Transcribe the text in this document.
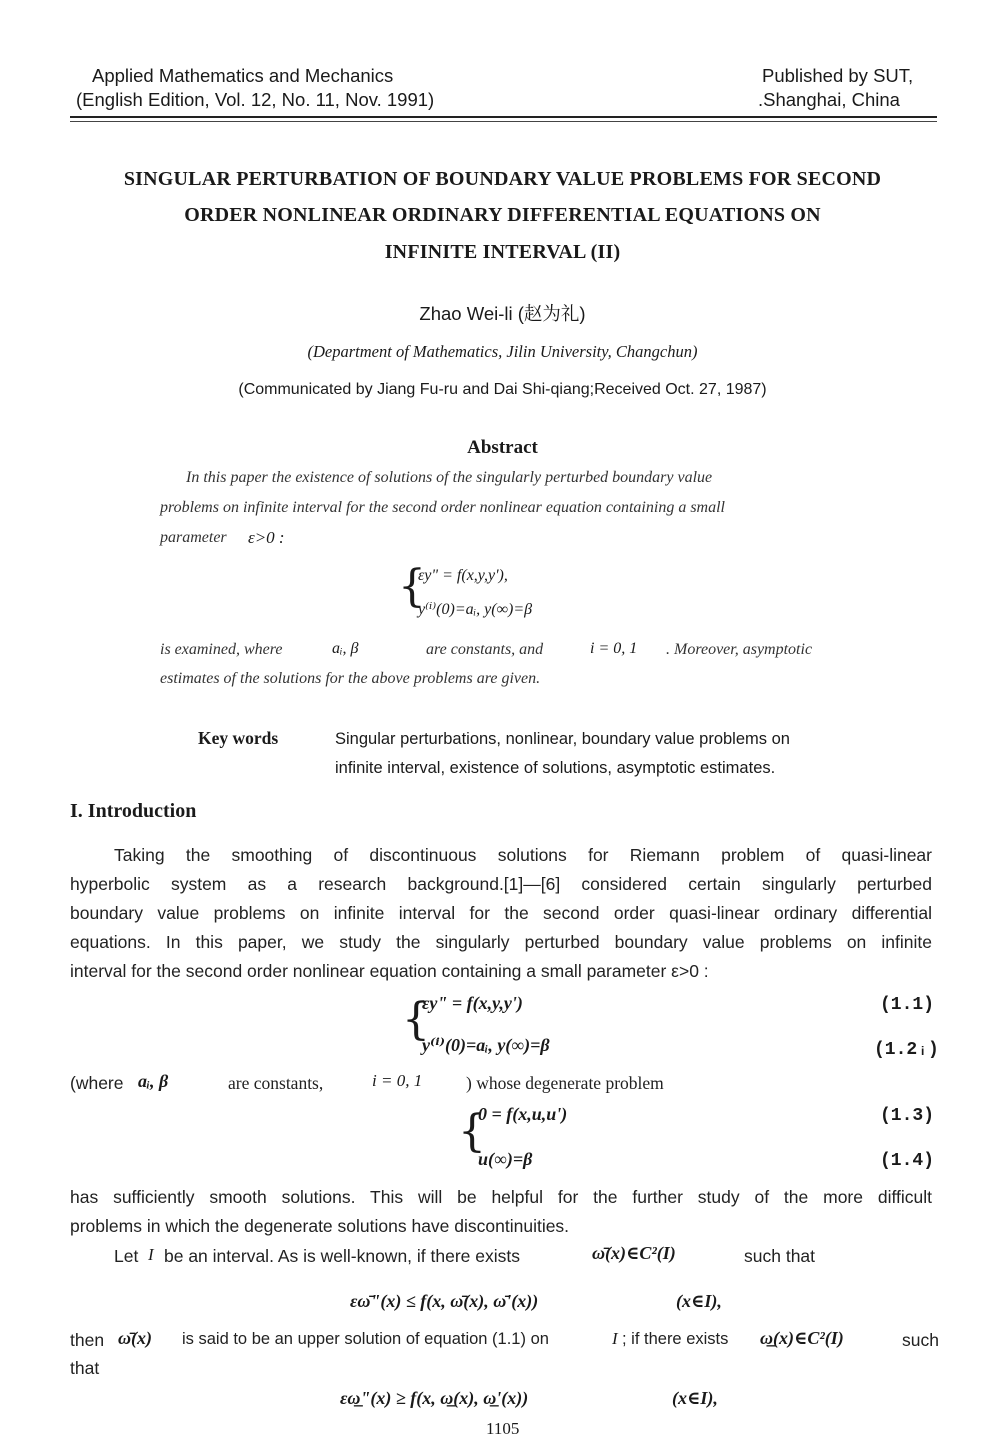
Applied Mathematics and Mechanics
(English Edition, Vol. 12, No. 11, Nov. 1991)
Published by SUT,
.Shanghai, China
SINGULAR PERTURBATION OF BOUNDARY VALUE PROBLEMS FOR SECOND
ORDER NONLINEAR ORDINARY DIFFERENTIAL EQUATIONS ON
INFINITE INTERVAL (II)
Zhao Wei-li (赵为礼)
(Department of Mathematics, Jilin University, Changchun)
(Communicated by Jiang Fu-ru and Dai Shi-qiang;Received Oct. 27, 1987)
Abstract
In this paper the existence of solutions of the singularly perturbed boundary value
problems on infinite interval for the second order nonlinear equation containing a small
parameter ε>0 :
{
εy" = f(x,y,y'),
y⁽ⁱ⁾(0)=aᵢ, y(∞)=β
is examined, where	aᵢ, β	are constants, and	i = 0, 1 . Moreover, asymptotic
estimates of the solutions for the above problems are given.
Key words	Singular perturbations, nonlinear, boundary value problems on
infinite interval, existence of solutions, asymptotic estimates.
I. Introduction
Taking the smoothing of discontinuous solutions for Riemann problem of quasi-linear
hyperbolic system as a research background.[1]—[6] considered certain singularly perturbed
boundary value problems on infinite interval for the second order quasi-linear ordinary differential
equations. In this paper, we study the singularly perturbed boundary value problems on infinite
interval for the second order nonlinear equation containing a small parameter ε>0 :
{
εy" = f(x,y,y')	(1.1)
y⁽ⁱ⁾(0)=aᵢ, y(∞)=β	(1.2ᵢ)
(where aᵢ, β	are constants,	i = 0, 1	) whose degenerate problem
{
0 = f(x,u,u')	(1.3)
u(∞)=β	(1.4)
has sufficiently smooth solutions. This will be helpful for the further study of the more difficult
problems in which the degenerate solutions have discontinuities.
Let I be an interval. As is well-known, if there exists	ω̄(x)∈C²(I)	such that
εω̄"(x) ≤ f(x, ω̄(x), ω̄'(x))	(x∈I),
then ω̄(x) is said to be an upper solution of equation (1.1) on	I ; if there exists ω̲(x)∈C²(I)	such
that
εω̲"(x) ≥ f(x, ω̲(x), ω̲'(x))	(x∈I),
1105
